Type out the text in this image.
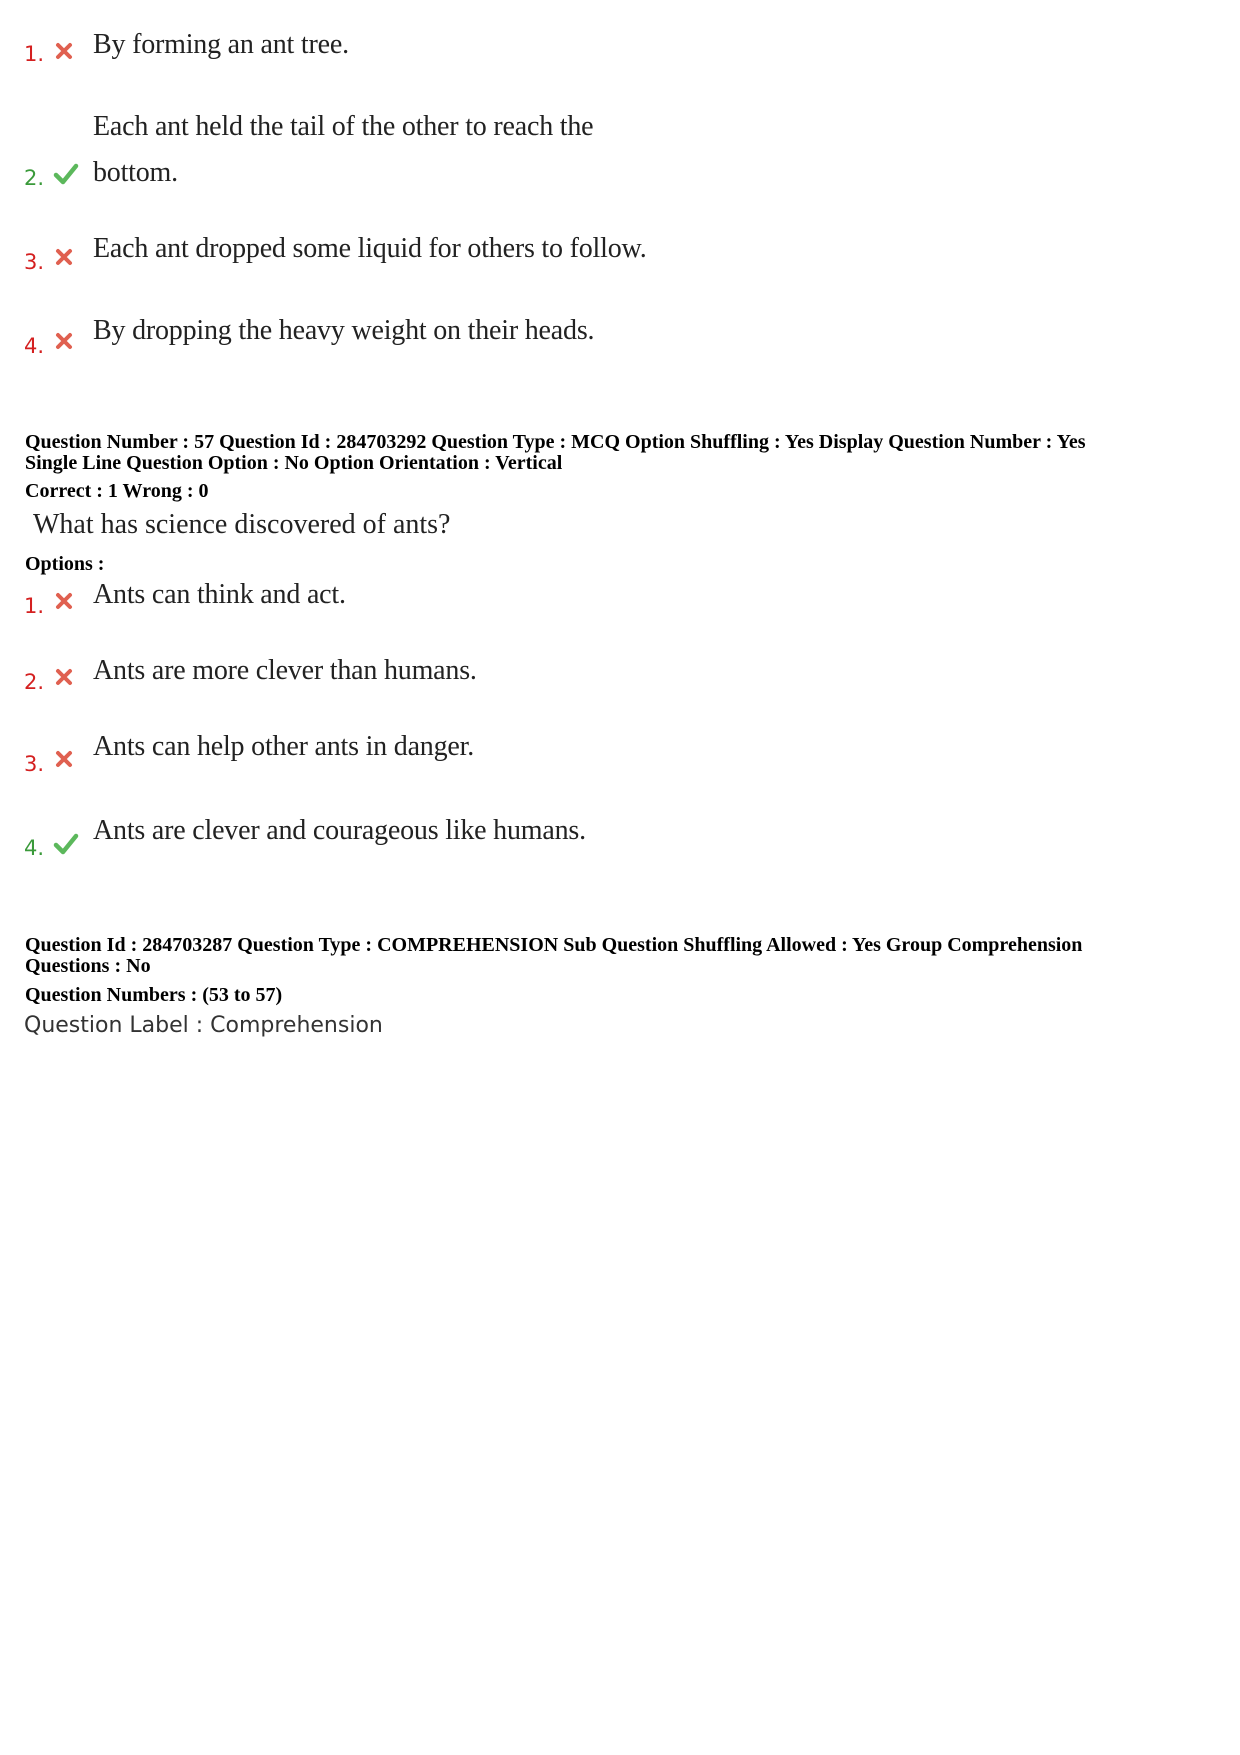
1. By forming an ant tree.
2.
Each ant held the tail of the other to reach the bottom.
3. Each ant dropped some liquid for others to follow.
4. By dropping the heavy weight on their heads.
Question Number : 57 Question Id : 284703292 Question Type : MCQ Option Shuffling : Yes Display Question Number : Yes
Single Line Question Option : No Option Orientation : Vertical
Correct : 1 Wrong : 0
What has science discovered of ants?
Options :
1. Ants can think and act.
2. Ants are more clever than humans.
3.
Ants can help other ants in danger.
4.
Ants are clever and courageous like humans.
Question Id : 284703287 Question Type : COMPREHENSION Sub Question Shuffling Allowed : Yes Group Comprehension
Questions : No
Question Numbers : (53 to 57)
Question Label : Comprehension
